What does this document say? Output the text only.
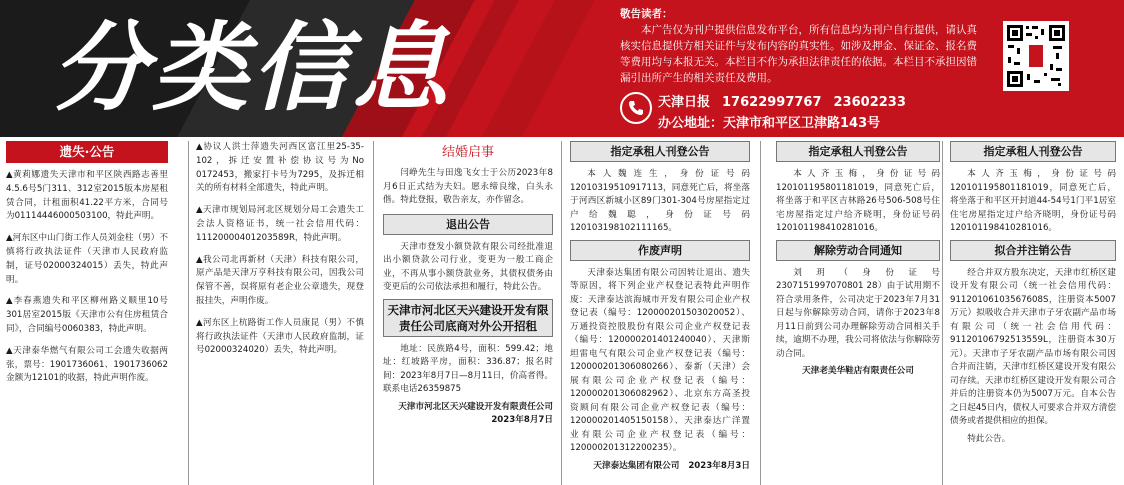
分类信息	敬告读者：
本广告仅为刊户提供信息发布平台，所有信息均为刊户自行提供，请认真核实信息提供方相关证件与发布内容的真实性。如涉及押金、保证金、报名费等费用均与本报无关。本栏目不作为承担法律责任的依据。本栏目不承担因错漏引出所产生的相关责任及费用。
天津日报 17622997767 23602233
办公地址：天津市和平区卫津路143号
遗失·公告
▲黄莉娜遗失天津市和平区陕西路志善里4.5.6号5门311、312室2015版本房屋租赁合同，计租面积41.22平方米，合同号为01114446000503100，特此声明。
▲河东区中山门街工作人员刘金柱（男）不慎将行政执法证件（天津市人民政府监制，证号02000324015）丢失，特此声明。
▲李春燕遗失和平区柳州路义顺里10号301居室2015版《天津市公有住房租赁合同》，合同编号0060383，特此声明。
▲天津泰华燃气有限公司工会遗失收据两张，票号：1901736061、1901736062金额为12101的收据，特此声明作废。
▲协议人洪士萍遗失河西区富江里25-35-102，拆迁安置补偿协议号为No 0172453，搬家打卡号为7295，及拆迁相关的所有材料全部遗失，特此声明。
▲天津市规划局河北区规划分局工会遗失工会法人资格证书，统一社会信用代码：11120000401203589R，特此声明。
▲我公司北再新材（天津）科技有限公司，原产品是天津万亨科技有限公司，因我公司保管不善，误将原有老企业公章遗失，现登报挂失，声明作废。
▲河东区上杭路街工作人员康昆（男）不慎将行政执法证件（天津市人民政府监制，证号02000324020）丢失，特此声明。
结婚启事
闫峥先生与田逸飞女士于公历2023年8月6日正式结为夫妇。愿永缔良缘，白头永偕。特此登报，敬告亲友，亦作留念。
退出公告
天津市登发小额贷款有限公司经批准退出小额贷款公司行业，变更为一般工商企业，不再从事小额贷款业务，其债权债务由变更后的公司依法承担和履行，特此公告。
天津市河北区天兴建设开发有限责任公司底商对外公开招租
地址：民族路4号，面积：599.42；地址：红坡路平房，面积：336.87；报名时间：2023年8月7日—8月11日，价高者得。联系电话26359875
天津市河北区天兴建设开发有限责任公司
2023年8月7日
指定承租人刊登公告
本人魏连生，身份证号码12010319510917113，同意死亡后，将坐落于河西区新城小区89门301-304号房屋指定过户给魏聪，身份证号码120103198102111165。
作废声明
天津泰达集团有限公司因转让退出、遗失等原因，将下列企业产权登记表特此声明作废：天津泰达滨海城市开发有限公司企业产权登记表（编号：120000201503020052）、万通投资控股股份有限公司企业产权登记表（编号：120000201401240040）、天津斯坦雷电气有限公司企业产权登记表（编号：120000201306080266）、泰新（天津）会展有限公司企业产权登记表（编号：120000201306082962）、北京东方高圣投资顾问有限公司企业产权登记表（编号：120000201405150158）、天津泰达广洋置业有限公司企业产权登记表（编号：120000201312200235）。
天津泰达集团有限公司 2023年8月3日
指定承租人刊登公告
本人齐玉梅，身份证号码120101195801181019，同意死亡后，将坐落于和平区吉林路26号506-508号住宅房屋指定过户给齐晓明，身份证号码120101198410281016。
解除劳动合同通知
刘玥（身份证号2307151997070801 28）由于试用期不符合录用条件，公司决定于2023年7月31日起与你解除劳动合同，请你于2023年8月11日前到公司办理解除劳动合同相关手续，逾期不办理，我公司将依法与你解除劳动合同。
天津老美华鞋店有限责任公司
指定承租人刊登公告
本人齐玉梅，身份证号码120101195801181019，同意死亡后，将坐落于和平区开封道44-54号1门平1居室住宅房屋指定过户给齐晓明，身份证号码120101198410281016。
拟合并注销公告
经合并双方股东决定，天津市红桥区建设开发有限公司（统一社会信用代码：91120106103567608S，注册资本5007万元）拟吸收合并天津市子牙农副产品市场有限公司（统一社会信用代码：91120106792513559L，注册资本30万元）。天津市子牙农副产品市场有限公司因合并而注销，天津市红桥区建设开发有限公司存续。天津市红桥区建设开发有限公司合并后的注册资本仍为5007万元。自本公告之日起45日内，债权人可要求合并双方清偿债务或者提供相应的担保。
特此公告。
